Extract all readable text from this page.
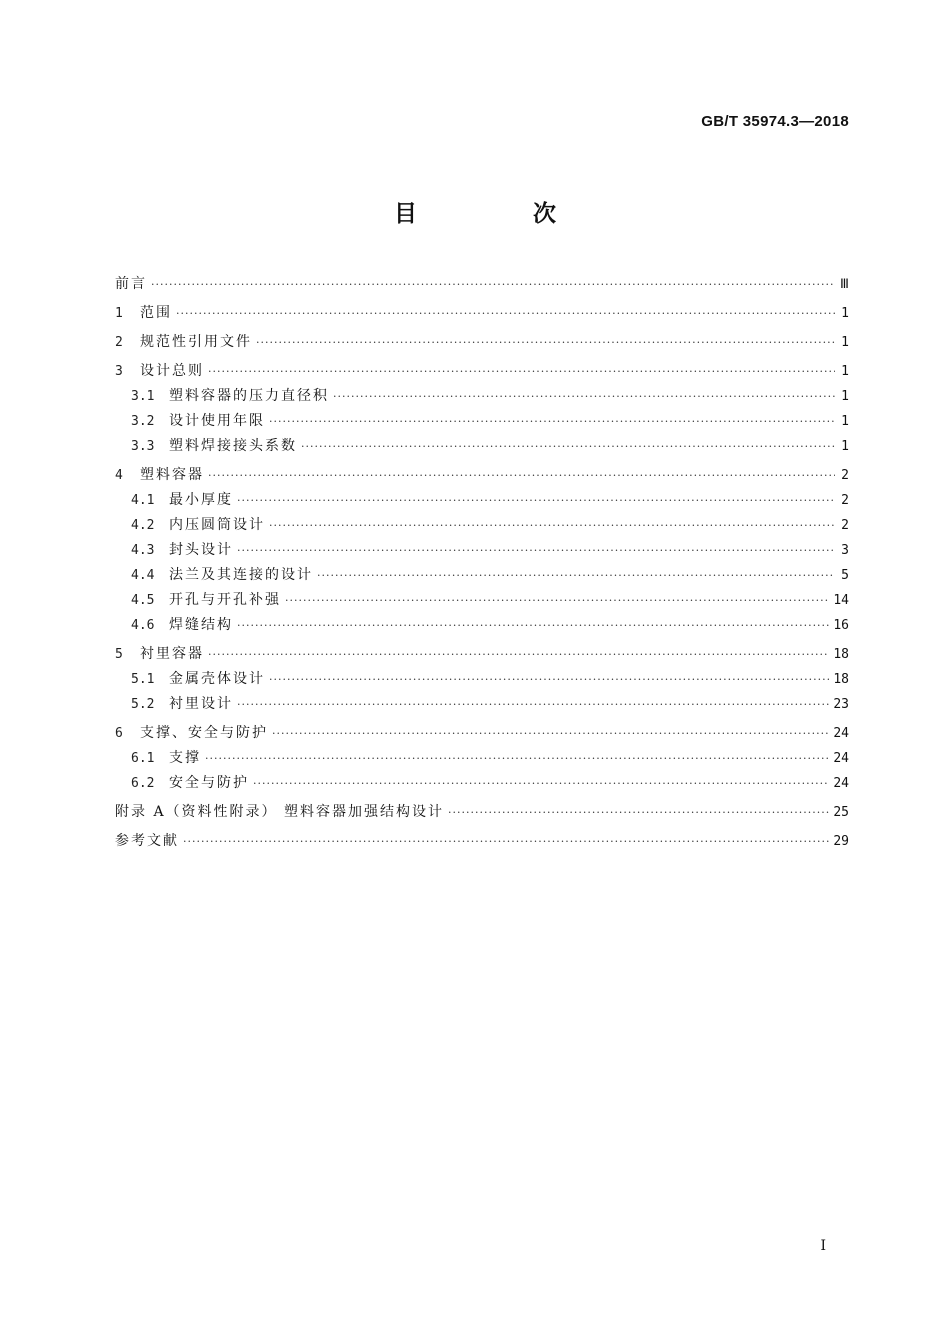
GB/T 35974.3—2018
目 次
前言 ·····	Ⅲ
1	范围 ·····	1
2	规范性引用文件 ·····	1
3	设计总则 ·····	1
3.1	塑料容器的压力直径积 ·····	1
3.2	设计使用年限 ·····	1
3.3	塑料焊接接头系数 ·····	1
4	塑料容器 ·····	2
4.1	最小厚度 ·····	2
4.2	内压圆筒设计 ·····	2
4.3	封头设计 ·····	3
4.4	法兰及其连接的设计 ·····	5
4.5	开孔与开孔补强 ·····	14
4.6	焊缝结构 ·····	16
5	衬里容器 ·····	18
5.1	金属壳体设计 ·····	18
5.2	衬里设计 ·····	23
6	支撑、安全与防护 ·····	24
6.1	支撑 ·····	24
6.2	安全与防护 ·····	24
附录 A（资料性附录） 塑料容器加强结构设计 ·····	25
参考文献 ·····	29
I
